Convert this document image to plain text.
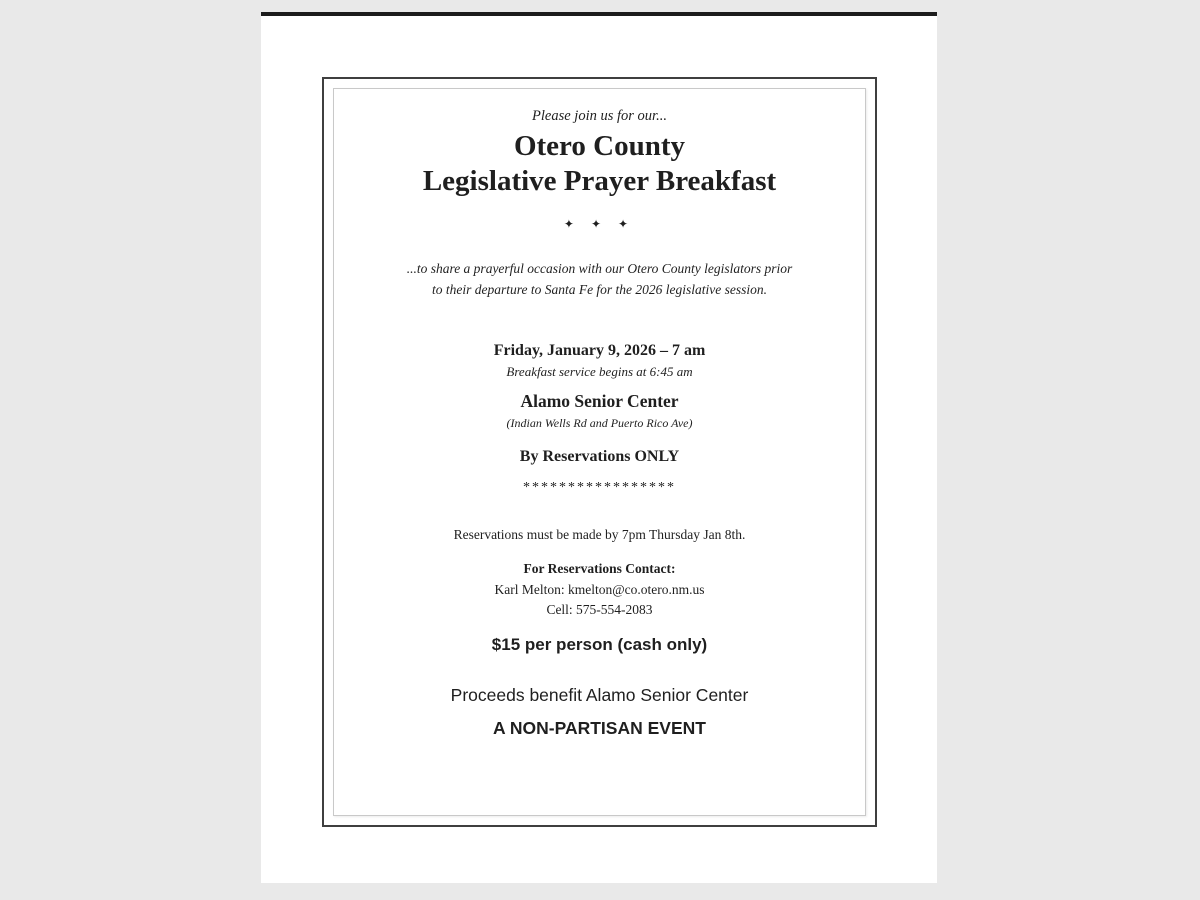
Please join us for our...
Otero County
Legislative Prayer Breakfast
✦ ✦ ✦
...to share a prayerful occasion with our Otero County legislators prior
to their departure to Santa Fe for the 2026 legislative session.
Friday, January 9, 2026 – 7 am
Breakfast service begins at 6:45 am
Alamo Senior Center
(Indian Wells Rd and Puerto Rico Ave)
By Reservations ONLY
*****************
Reservations must be made by 7pm Thursday Jan 8th.
For Reservations Contact:
Karl Melton: kmelton@co.otero.nm.us
Cell: 575-554-2083
$15 per person (cash only)
Proceeds benefit Alamo Senior Center
A NON-PARTISAN EVENT
